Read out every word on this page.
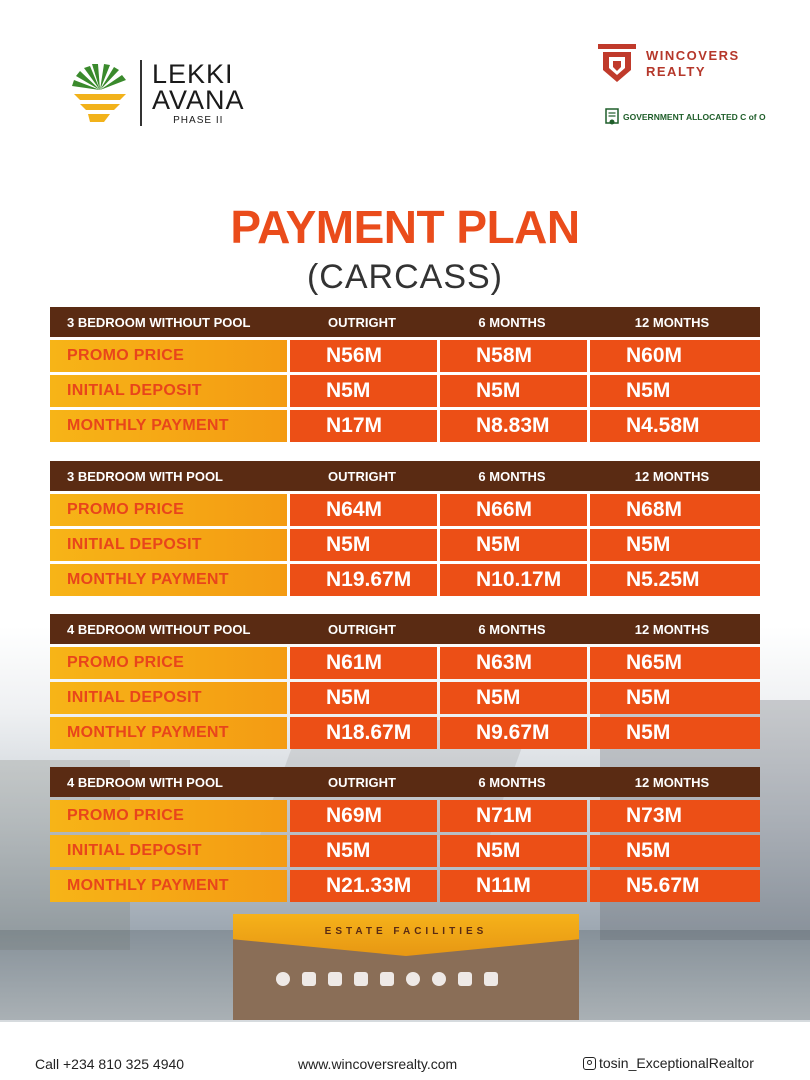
LEKKI
AVANA
PHASE II
WINCOVERS
REALTY
GOVERNMENT ALLOCATED C of O
PAYMENT PLAN
(CARCASS)
3 BEDROOM WITHOUT POOL	OUTRIGHT	6 MONTHS	12 MONTHS
PROMO PRICE	N56M	N58M	N60M
INITIAL DEPOSIT	N5M	N5M	N5M
MONTHLY PAYMENT	N17M	N8.83M	N4.58M
3 BEDROOM WITH POOL	OUTRIGHT	6 MONTHS	12 MONTHS
PROMO PRICE	N64M	N66M	N68M
INITIAL DEPOSIT	N5M	N5M	N5M
MONTHLY PAYMENT	N19.67M	N10.17M	N5.25M
4 BEDROOM WITHOUT POOL	OUTRIGHT	6 MONTHS	12 MONTHS
PROMO PRICE	N61M	N63M	N65M
INITIAL DEPOSIT	N5M	N5M	N5M
MONTHLY PAYMENT	N18.67M	N9.67M	N5M
4 BEDROOM WITH POOL	OUTRIGHT	6 MONTHS	12 MONTHS
PROMO PRICE	N69M	N71M	N73M
INITIAL DEPOSIT	N5M	N5M	N5M
MONTHLY PAYMENT	N21.33M	N11M	N5.67M
ESTATE FACILITIES
Call +234 810 325 4940	www.wincoversrealty.com	tosin_ExceptionalRealtor
